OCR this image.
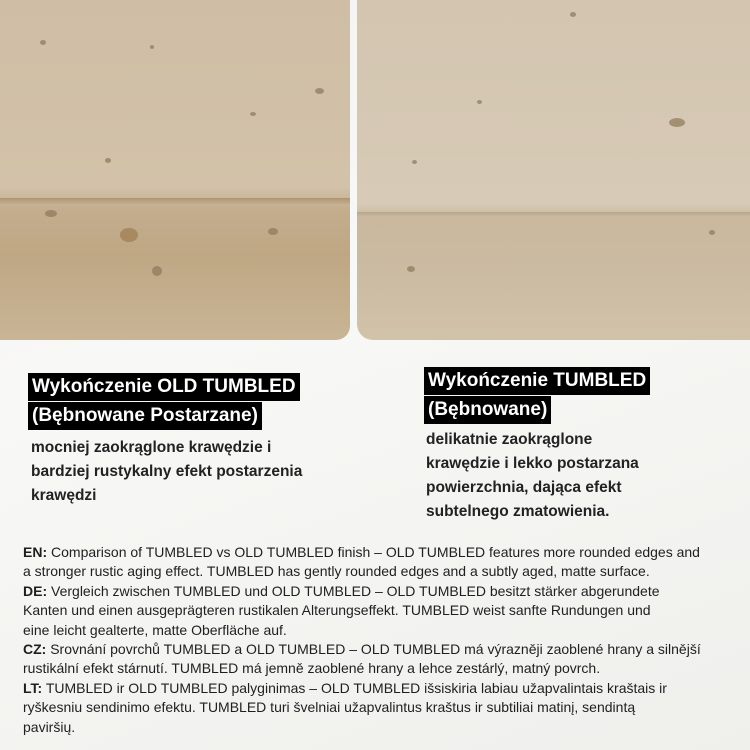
Wykończenie OLD TUMBLED
(Bębnowane Postarzane)
mocniej zaokrąglone krawędzie i
bardziej rustykalny efekt postarzenia
krawędzi
Wykończenie TUMBLED
(Bębnowane)
delikatnie zaokrąglone
krawędzie i lekko postarzana
powierzchnia, dająca efekt
subtelnego zmatowienia.
EN: Comparison of TUMBLED vs OLD TUMBLED finish – OLD TUMBLED features more rounded edges and
a stronger rustic aging effect. TUMBLED has gently rounded edges and a subtly aged, matte surface.
DE: Vergleich zwischen TUMBLED und OLD TUMBLED – OLD TUMBLED besitzt stärker abgerundete
Kanten und einen ausgeprägteren rustikalen Alterungseffekt. TUMBLED weist sanfte Rundungen und
eine leicht gealterte, matte Oberfläche auf.
CZ: Srovnání povrchů TUMBLED a OLD TUMBLED – OLD TUMBLED má výrazněji zaoblené hrany a silnější
rustikální efekt stárnutí. TUMBLED má jemně zaoblené hrany a lehce zestárlý, matný povrch.
LT: TUMBLED ir OLD TUMBLED palyginimas – OLD TUMBLED išsiskiria labiau užapvalintais kraštais ir
ryškesniu sendinimo efektu. TUMBLED turi švelniai užapvalintus kraštus ir subtiliai matinį, sendintą
paviršių.
